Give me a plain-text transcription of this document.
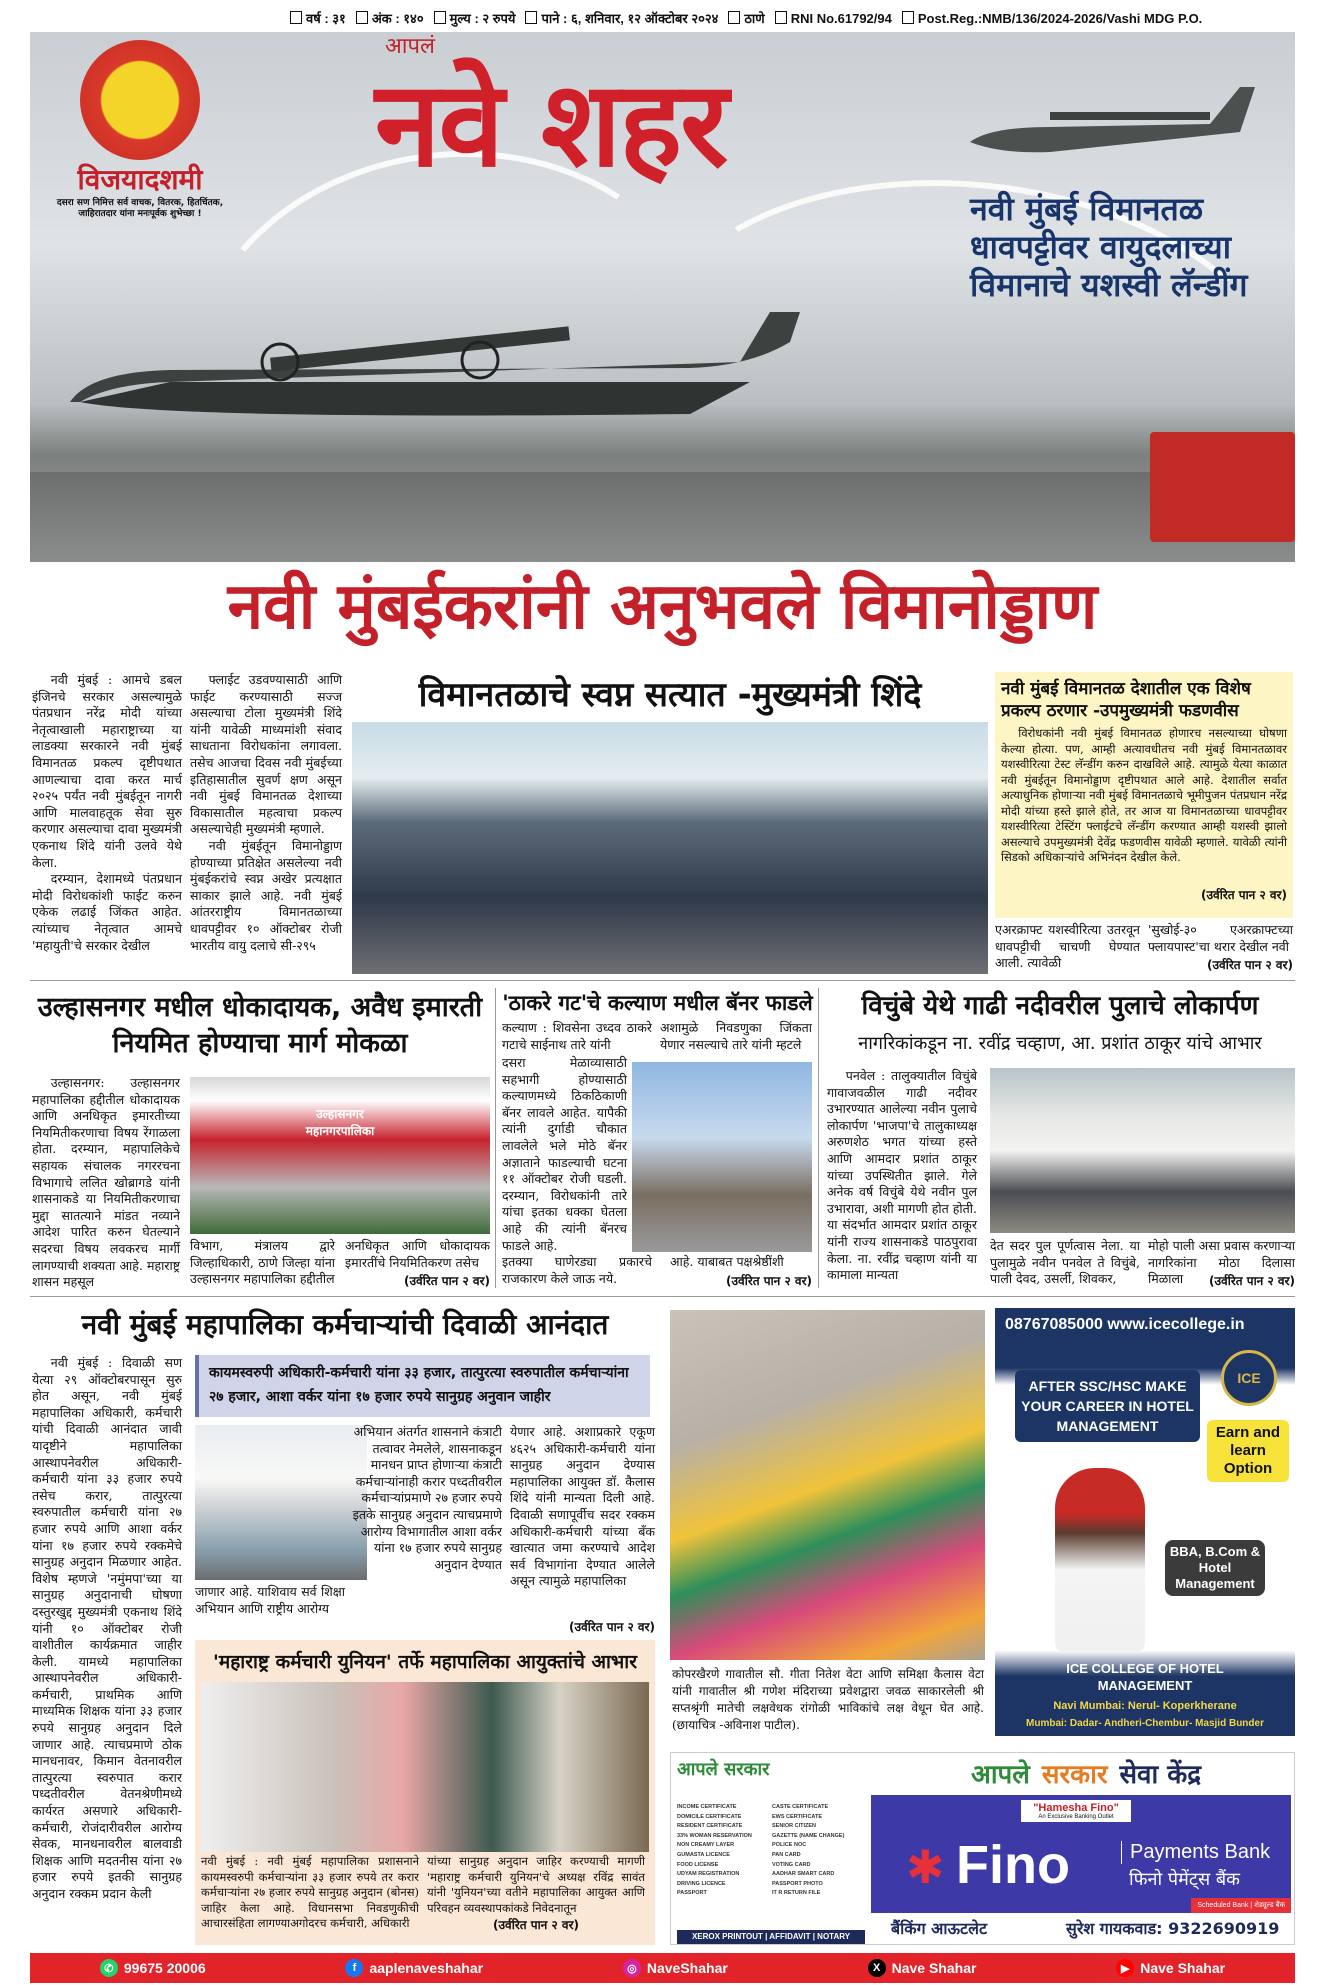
वर्ष : ३१	अंक : १४०	मुल्य : २ रुपये	पाने : ६, शनिवार, १२ ऑक्टोबर २०२४	ठाणे	RNI No.61792/94	Post.Reg.:NMB/136/2024-2026/Vashi MDG P.O.
विजयादशमी
दसरा सण निमित्त सर्व वाचक, वितरक, हितचिंतक, जाहिरातदार यांना मनःपूर्वक शुभेच्छा !
आपलं
नवे शहर
नवी मुंबई विमानतळ धावपट्टीवर वायुदलाच्या विमानाचे यशस्वी लॅन्डींग
नवी मुंबईकरांनी अनुभवले विमानोड्डाण

नवी मुंबई : आमचे डबल इंजिनचे सरकार असल्यामुळे पंतप्रधान नरेंद्र मोदी यांच्या नेतृत्वाखाली महाराष्ट्राच्या या लाडक्या सरकारने नवी मुंबई विमानतळ प्रकल्प दृष्टीपथात आणल्याचा दावा करत मार्च २०२५ पर्यंत नवी मुंबईतून नागरी आणि मालवाहतूक सेवा सुरु करणार असल्याचा दावा मुख्यमंत्री एकनाथ शिंदे यांनी उलवे येथे केला.

दरम्यान, देशामध्ये पंतप्रधान मोदी विरोधकांशी फाईट करुन एकेक लढाई जिंकत आहेत. त्यांच्याच नेतृत्वात आमचे 'महायुती'चे सरकार देखील

फ्लाईट उडवण्यासाठी आणि फाईट करण्यासाठी सज्ज असल्याचा टोला मुख्यमंत्री शिंदे यांनी यावेळी माध्यमांशी संवाद साधताना विरोधकांना लगावला. तसेच आजचा दिवस नवी मुंबईच्या इतिहासातील सुवर्ण क्षण असून नवी मुंबई विमानतळ देशाच्या विकासातील महत्वाचा प्रकल्प असल्याचेही मुख्यमंत्री म्हणाले.

नवी मुंबईतून विमानोड्डाण होण्याच्या प्रतिक्षेत असलेल्या नवी मुंबईकरांचे स्वप्न अखेर प्रत्यक्षात साकार झाले आहे. नवी मुंबई आंतरराष्ट्रीय विमानतळाच्या धावपट्टीवर १० ऑक्टोबर रोजी भारतीय वायु दलाचे सी-२९५

विमानतळाचे स्वप्न सत्यात -मुख्यमंत्री शिंदे	नवी मुंबई विमानतळ देशातील एक विशेष प्रकल्प ठरणार -उपमुख्यमंत्री फडणवीस

विरोधकांनी नवी मुंबई विमानतळ होणारच नसल्याच्या घोषणा केल्या होत्या. पण, आम्ही अत्यावधीतच नवी मुंबई विमानतळावर यशस्वीरित्या टेस्ट लॅन्डींग करुन दाखविले आहे. त्यामुळे येत्या काळात नवी मुंबईतून विमानोड्डाण दृष्टीपथात आले आहे. देशातील सर्वात अत्याधुनिक होणाऱ्या नवी मुंबई विमानतळाचे भूमीपुजन पंतप्रधान नरेंद्र मोदी यांच्या हस्ते झाले होते, तर आज या विमानतळाच्या धावपट्टीवर यशस्वीरित्या टेस्टिंग फ्लाईटचे लॅन्डींग करण्यात आम्ही यशस्वी झालो असल्याचे उपमुख्यमंत्री देवेंद्र फडणवीस यावेळी म्हणाले. यावेळी त्यांनी सिडको अधिकाऱ्यांचे अभिनंदन देखील केले.

(उर्वरित पान २ वर)
एअरक्राफ्ट यशस्वीरित्या उतरवून धावपट्टीची चाचणी घेण्यात आली. त्यावेळी
'सुखोई-३० एअरक्राफ्टच्या फ्लायपास्ट'चा थरार देखील नवी
(उर्वरित पान २ वर)
उल्हासनगर मधील धोकादायक, अवैध इमारती नियमित होण्याचा मार्ग मोकळा

उल्हासनगर: उल्हासनगर महापालिका हद्दीतील धोकादायक आणि अनधिकृत इमारतीच्या नियमितीकरणाचा विषय रेंगाळला होता. दरम्यान, महापालिकेचे सहायक संचालक नगररचना विभागाचे ललित खोब्रागडे यांनी शासनाकडे या नियमितीकरणाचा मुद्दा सातत्याने मांडत नव्याने आदेश पारित करुन घेतल्याने सदरचा विषय लवकरच मार्गी लागण्याची शक्यता आहे. महाराष्ट्र शासन महसूल

उल्हासनगर महानगरपालिका
विभाग, मंत्रालय द्वारे जिल्हाधिकारी, ठाणे जिल्हा यांना उल्हासनगर महापालिका हद्दीतील
अनधिकृत आणि धोकादायक इमारतींचे नियमितिकरण तसेच
(उर्वरित पान २ वर)
'ठाकरे गट'चे कल्याण मधील बॅनर फाडले
कल्याण : शिवसेना उध्दव ठाकरे गटाचे साईनाथ तारे यांनी
अशामुळे निवडणुका जिंकता येणार नसल्याचे तारे यांनी म्हटले
दसरा मेळाव्यासाठी सहभागी होण्यासाठी कल्याणमध्ये ठिकठिकाणी बॅनर लावले आहेत. यापैकी त्यांनी दुर्गाडी चौकात लावलेले भले मोठे बॅनर अज्ञाताने फाडल्याची घटना ११ ऑक्टोबर रोजी घडली. दरम्यान, विरोधकांनी तारे यांचा इतका धक्का घेतला आहे की त्यांनी बॅनरच फाडले आहे.
इतक्या घाणेरड्या प्रकारचे राजकारण केले जाऊ नये.
आहे. याबाबत पक्षश्रेष्ठींशी
(उर्वरित पान २ वर)
विचुंबे येथे गाढी नदीवरील पुलाचे लोकार्पण
नागरिकांकडून ना. रवींद्र चव्हाण, आ. प्रशांत ठाकूर यांचे आभार

पनवेल : तालुक्यातील विचुंबे गावाजवळील गाढी नदीवर उभारण्यात आलेल्या नवीन पुलाचे लोकार्पण 'भाजपा'चे तालुकाध्यक्ष अरुणशेठ भगत यांच्या हस्ते आणि आमदार प्रशांत ठाकूर यांच्या उपस्थितीत झाले. गेले अनेक वर्ष विचुंबे येथे नवीन पुल उभारावा, अशी मागणी होत होती. या संदर्भात आमदार प्रशांत ठाकूर यांनी राज्य शासनाकडे पाठपुरावा केला. ना. रवींद्र चव्हाण यांनी या कामाला मान्यता

देत सदर पुल पूर्णत्वास नेला. या पुलामुळे नवीन पनवेल ते विचुंबे, पाली देवद, उसर्ली, शिवकर,
मोहो पाली असा प्रवास करणाऱ्या नागरिकांना मोठा दिलासा मिळाला	(उर्वरित पान २ वर)
नवी मुंबई महापालिका कर्मचाऱ्यांची दिवाळी आनंदात

नवी मुंबई : दिवाळी सण येत्या २९ ऑक्टोबरपासून सुरु होत असून, नवी मुंबई महापालिका अधिकारी, कर्मचारी यांची दिवाळी आनंदात जावी यादृष्टीने महापालिका आस्थापनेवरील अधिकारी-कर्मचारी यांना ३३ हजार रुपये तसेच करार, तात्पुरत्या स्वरुपातील कर्मचारी यांना २७ हजार रुपये आणि आशा वर्कर यांना १७ हजार रुपये रक्कमेचे सानुग्रह अनुदान मिळणार आहेत. विशेष म्हणजे 'नमुंमपा'च्या या सानुग्रह अनुदानाची घोषणा दस्तुरखुद्द मुख्यमंत्री एकनाथ शिंदे यांनी १० ऑक्टोबर रोजी वाशीतील कार्यक्रमात जाहीर केली. यामध्ये महापालिका आस्थापनेवरील अधिकारी-कर्मचारी, प्राथमिक आणि माध्यमिक शिक्षक यांना ३३ हजार रुपये सानुग्रह अनुदान दिले जाणार आहे. त्याचप्रमाणे ठोक मानधनावर, किमान वेतनावरील तात्पुरत्या स्वरुपात करार पध्दतीवरील वेतनश्रेणीमध्ये कार्यरत असणारे अधिकारी-कर्मचारी, रोजंदारीवरील आरोग्य सेवक, मानधनावरील बालवाडी शिक्षक आणि मदतनीस यांना २७ हजार रुपये इतकी सानुग्रह अनुदान रक्कम प्रदान केली

कायमस्वरुपी अधिकारी-कर्मचारी यांना ३३ हजार, तात्पुरत्या स्वरुपातील कर्मचाऱ्यांना २७ हजार, आशा वर्कर यांना १७ हजार रुपये सानुग्रह अनुवान जाहीर
जाणार आहे. याशिवाय सर्व शिक्षा अभियान आणि राष्ट्रीय आरोग्य
अभियान अंतर्गत शासनाने कंत्राटी तत्वावर नेमलेले, शासनाकडून मानधन प्राप्त होणाऱ्या कंत्राटी कर्मचाऱ्यांनाही करार पध्दतीवरील कर्मचाऱ्यांप्रमाणे २७ हजार रुपये इतके सानुग्रह अनुदान त्याचप्रमाणे आरोग्य विभागातील आशा वर्कर यांना १७ हजार रुपये सानुग्रह अनुदान देण्यात
येणार आहे. अशाप्रकारे एकूण ४६२५ अधिकारी-कर्मचारी यांना सानुग्रह अनुदान देण्यास महापालिका आयुक्त डॉ. कैलास शिंदे यांनी मान्यता दिली आहे. दिवाळी सणापूर्वीच सदर रक्कम अधिकारी-कर्मचारी यांच्या बँक खात्यात जमा करण्याचे आदेश सर्व विभागांना देण्यात आलेले असून त्यामुळे महापालिका
(उर्वरित पान २ वर)
'महाराष्ट्र कर्मचारी युनियन' तर्फे महापालिका आयुक्तांचे आभार
नवी मुंबई : नवी मुंबई महापालिका प्रशासनाने कायमस्वरुपी कर्मचाऱ्यांना ३३ हजार रुपये तर करार कर्मचाऱ्यांना २७ हजार रुपये सानुग्रह अनुदान (बोनस) जाहिर केला आहे. विधानसभा निवडणुकीची आचारसंहिता लागण्याअगोदरच कर्मचारी, अधिकारी
यांच्या सानुग्रह अनुदान जाहिर करण्याची मागणी 'महाराष्ट्र कर्मचारी युनियन'चे अध्यक्ष रविंद्र सावंत यांनी 'युनियन'च्या वतीने महापालिका आयुक्त आणि परिवहन व्यवस्थापकांकडे निवेदनातून
(उर्वरित पान २ वर)
कोपरखैरणे गावातील सौ. गीता नितेश वेटा आणि समिक्षा कैलास वेटा यांनी गावातील श्री गणेश मंदिराच्या प्रवेशद्वारा जवळ साकारलेली श्री सप्तश्रृंगी मातेची लक्षवेधक रांगोळी भाविकांचे लक्ष वेधून घेत आहे. (छायाचित्र -अविनाश पाटील).
08767085000 www.icecollege.in
ICE
AFTER SSC/HSC MAKE YOUR CAREER IN HOTEL MANAGEMENT	Earn and learn Option
BBA, B.Com & Hotel Management
ICE COLLEGE OF HOTEL MANAGEMENT
Navi Mumbai: Nerul- Koperkherane
Mumbai: Dadar- Andheri-Chembur- Masjid Bunder
आपले सरकार
INCOME CERTIFICATE	CASTE CERTIFICATE
DOMICILE CERTIFICATE	EWS CERTIFICATE
RESIDENT CERTIFICATE	SENIOR CITIZEN
33% WOMAN RESERVATION	GAZETTE (NAME CHANGE)
NON CREAMY LAYER	POLICE NOC
GUMASTA LICENCE	PAN CARD
FOOD LICENSE	VOTING CARD
UDYAM REGISTRATION	AADHAR SMART CARD
DRIVING LICENCE	PASSPORT PHOTO
PASSPORT	IT R RETURN FILE
XEROX PRINTOUT | AFFIDAVIT | NOTARY
आपले सरकार सेवा केंद्र
"Hamesha Fino"
An Exclusive Banking Outlet
✱ Fino	Payments Bank
फिनो पेमेंट्स बैंक
Scheduled Bank | शेड्यूल्ड बैंक
बैंकिंग आऊटलेट	सुरेश गायकवाड: 9322690919
✆ 99675 20006	f aaplenaveshahar	◎ NaveShahar	X Nave Shahar	▶ Nave Shahar
